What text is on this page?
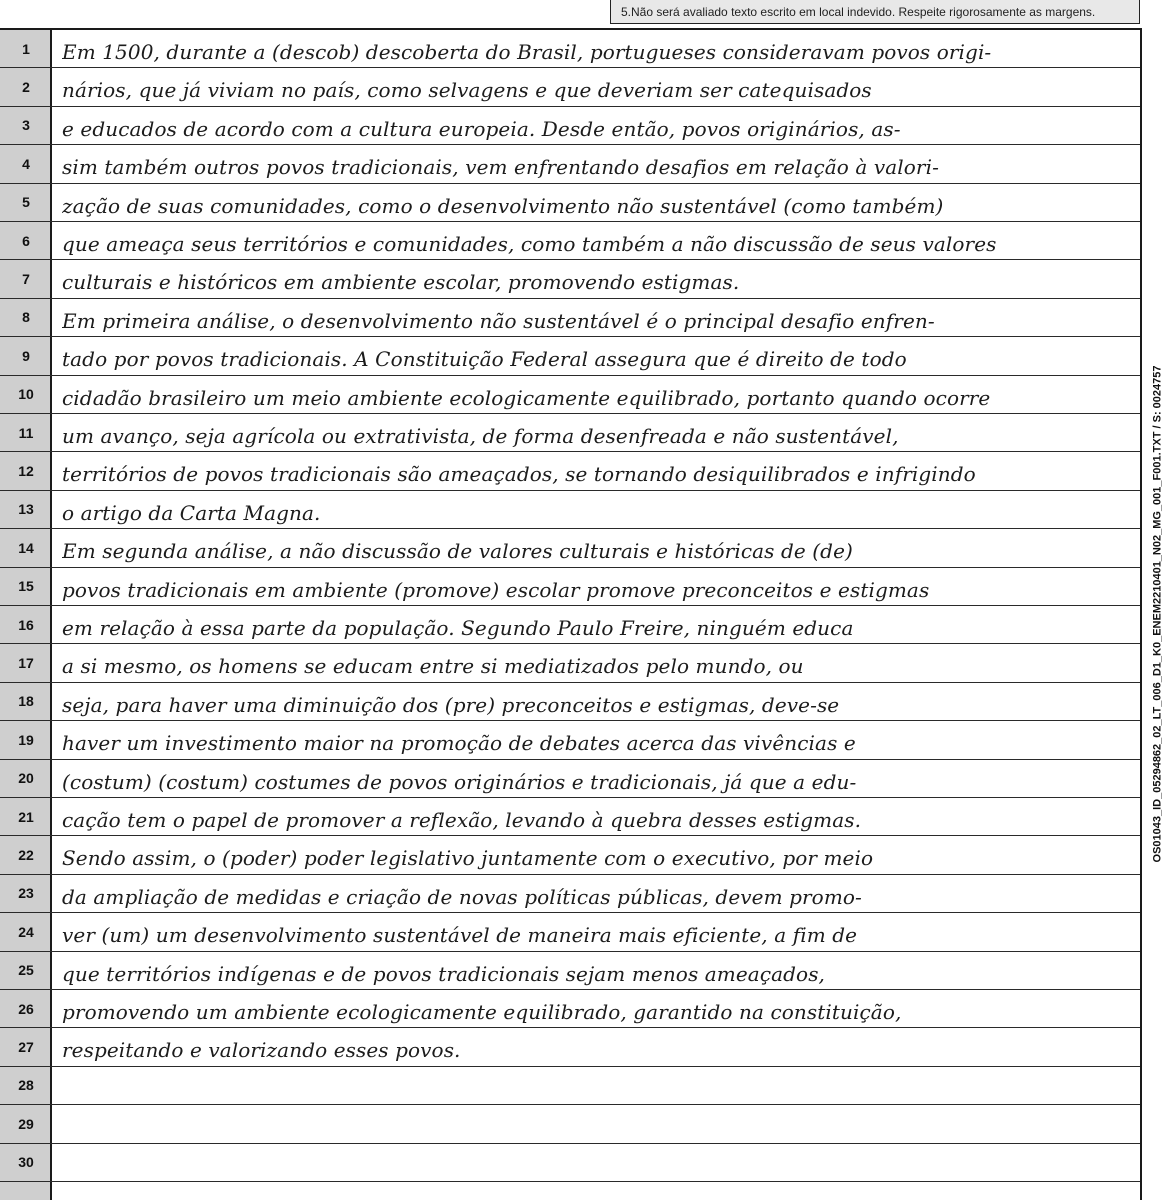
5.Não será avaliado texto escrito em local indevido. Respeite rigorosamente as margens.
1	Em 1500, durante a (descob) descoberta do Brasil, portugueses consideravam povos origi-
2	nários, que já viviam no país, como selvagens e que deveriam ser catequisados
3	e educados de acordo com a cultura europeia. Desde então, povos originários, as-
4	sim também outros povos tradicionais, vem enfrentando desafios em relação à valori-
5	zação de suas comunidades, como o desenvolvimento não sustentável (como também)
6	que ameaça seus territórios e comunidades, como também a não discussão de seus valores
7	culturais e históricos em ambiente escolar, promovendo estigmas.
8	Em primeira análise, o desenvolvimento não sustentável é o principal desafio enfren-
9	tado por povos tradicionais. A Constituição Federal assegura que é direito de todo
10	cidadão brasileiro um meio ambiente ecologicamente equilibrado, portanto quando ocorre
11	um avanço, seja agrícola ou extrativista, de forma desenfreada e não sustentável,
12	territórios de povos tradicionais são ameaçados, se tornando desiquilibrados e infrigindo
13	o artigo da Carta Magna.
14	Em segunda análise, a não discussão de valores culturais e históricas de (de)
15	povos tradicionais em ambiente (promove) escolar promove preconceitos e estigmas
16	em relação à essa parte da população. Segundo Paulo Freire, ninguém educa
17	a si mesmo, os homens se educam entre si mediatizados pelo mundo, ou
18	seja, para haver uma diminuição dos (pre) preconceitos e estigmas, deve-se
19	haver um investimento maior na promoção de debates acerca das vivências e
20	(costum) (costum) costumes de povos originários e tradicionais, já que a edu-
21	cação tem o papel de promover a reflexão, levando à quebra desses estigmas.
22	Sendo assim, o (poder) poder legislativo juntamente com o executivo, por meio
23	da ampliação de medidas e criação de novas políticas públicas, devem promo-
24	ver (um) um desenvolvimento sustentável de maneira mais eficiente, a fim de
25	que territórios indígenas e de povos tradicionais sejam menos ameaçados,
26	promovendo um ambiente ecologicamente equilibrado, garantido na constituição,
27	respeitando e valorizando esses povos.
28
29
30
OS01043_ID_05294862_02_LT_006_D1_K0_ENEM2210401_N02_MG_001_F001.TXT / S: 0024757
